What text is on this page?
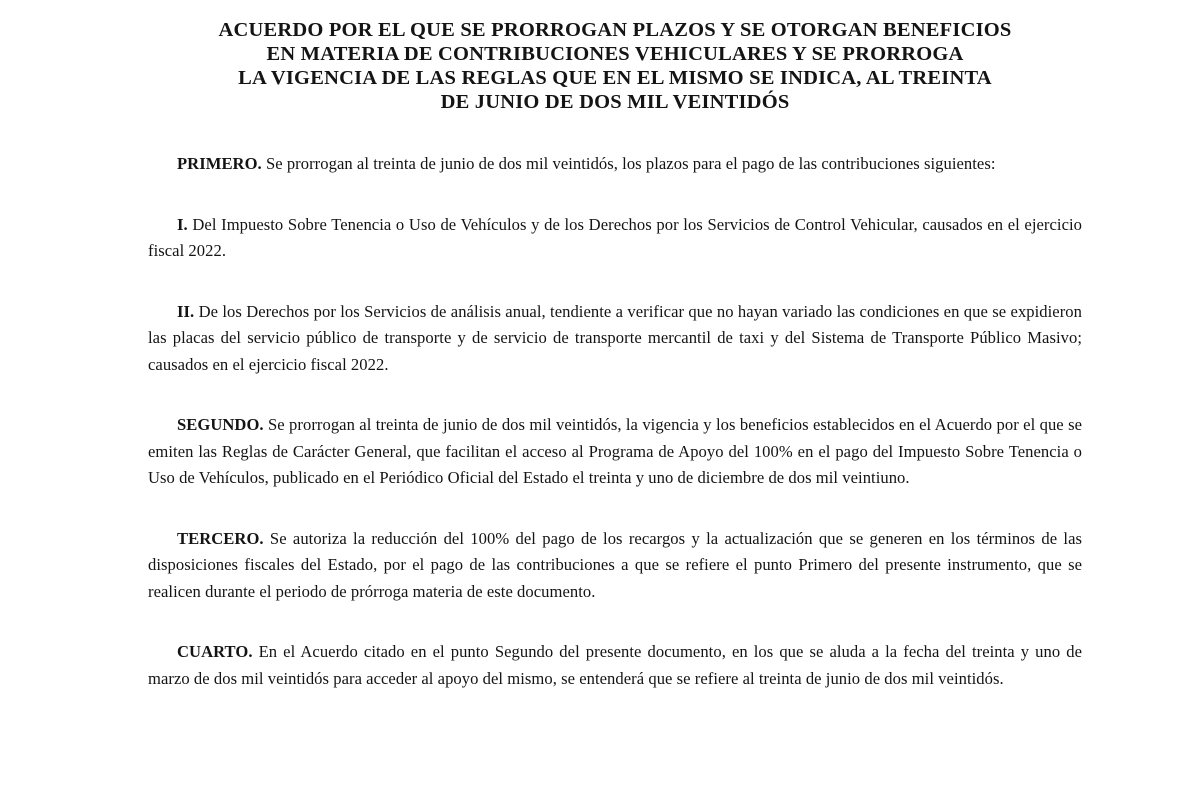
ACUERDO POR EL QUE SE PRORROGAN PLAZOS Y SE OTORGAN BENEFICIOS
EN MATERIA DE CONTRIBUCIONES VEHICULARES Y SE PRORROGA
LA VIGENCIA DE LAS REGLAS QUE EN EL MISMO SE INDICA, AL TREINTA
DE JUNIO DE DOS MIL VEINTIDÓS

PRIMERO. Se prorrogan al treinta de junio de dos mil veintidós, los plazos para el pago de las contribuciones siguientes:

I. Del Impuesto Sobre Tenencia o Uso de Vehículos y de los Derechos por los Servicios de Control Vehicular, causados en el ejercicio fiscal 2022.

II. De los Derechos por los Servicios de análisis anual, tendiente a verificar que no hayan variado las condiciones en que se expidieron las placas del servicio público de transporte y de servicio de transporte mercantil de taxi y del Sistema de Transporte Público Masivo; causados en el ejercicio fiscal 2022.

SEGUNDO. Se prorrogan al treinta de junio de dos mil veintidós, la vigencia y los beneficios establecidos en el Acuerdo por el que se emiten las Reglas de Carácter General, que facilitan el acceso al Programa de Apoyo del 100% en el pago del Impuesto Sobre Tenencia o Uso de Vehículos, publicado en el Periódico Oficial del Estado el treinta y uno de diciembre de dos mil veintiuno.

TERCERO. Se autoriza la reducción del 100% del pago de los recargos y la actualización que se generen en los términos de las disposiciones fiscales del Estado, por el pago de las contribuciones a que se refiere el punto Primero del presente instrumento, que se realicen durante el periodo de prórroga materia de este documento.

CUARTO. En el Acuerdo citado en el punto Segundo del presente documento, en los que se aluda a la fecha del treinta y uno de marzo de dos mil veintidós para acceder al apoyo del mismo, se entenderá que se refiere al treinta de junio de dos mil veintidós.
